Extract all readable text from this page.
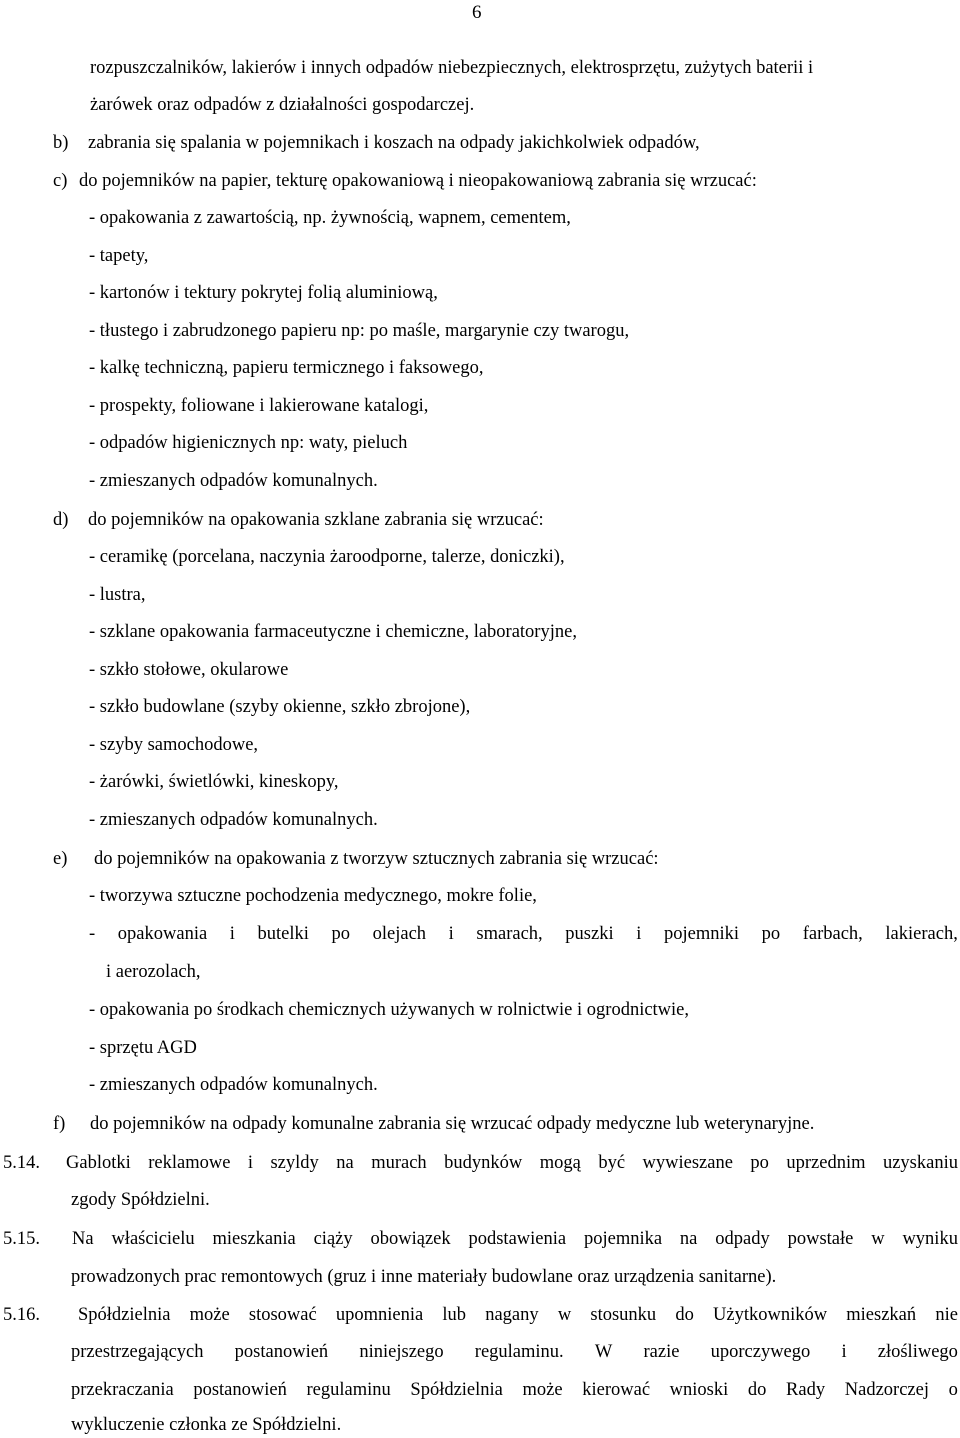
6
rozpuszczalników, lakierów i innych odpadów niebezpiecznych, elektrosprzętu, zużytych baterii i
żarówek oraz odpadów z działalności gospodarczej.
b) zabrania się spalania w pojemnikach i koszach na odpady jakichkolwiek odpadów,
c) do pojemników na papier, tekturę opakowaniową i nieopakowaniową zabrania się wrzucać:
- opakowania z zawartością, np. żywnością, wapnem, cementem,
- tapety,
- kartonów i tektury pokrytej folią aluminiową,
- tłustego i zabrudzonego papieru np: po maśle, margarynie czy twarogu,
- kalkę techniczną, papieru termicznego i faksowego,
- prospekty, foliowane i lakierowane katalogi,
- odpadów higienicznych np: waty, pieluch
- zmieszanych odpadów komunalnych.
d) do pojemników na opakowania szklane zabrania się wrzucać:
- ceramikę (porcelana, naczynia żaroodporne, talerze, doniczki),
- lustra,
- szklane opakowania farmaceutyczne i chemiczne, laboratoryjne,
- szkło stołowe, okularowe
- szkło budowlane (szyby okienne, szkło zbrojone),
- szyby samochodowe,
- żarówki, świetlówki, kineskopy,
- zmieszanych odpadów komunalnych.
e) do pojemników na opakowania z tworzyw sztucznych zabrania się wrzucać:
- tworzywa sztuczne pochodzenia medycznego, mokre folie,
- opakowania i butelki po olejach i smarach, puszki i pojemniki po farbach, lakierach,
i aerozolach,
- opakowania po środkach chemicznych używanych w rolnictwie i ogrodnictwie,
- sprzętu AGD
- zmieszanych odpadów komunalnych.
f) do pojemników na odpady komunalne zabrania się wrzucać odpady medyczne lub weterynaryjne.
5.14. Gablotki reklamowe i szyldy na murach budynków mogą być wywieszane po uprzednim uzyskaniu
zgody Spółdzielni.
5.15. Na właścicielu mieszkania ciąży obowiązek podstawienia pojemnika na odpady powstałe w wyniku
prowadzonych prac remontowych (gruz i inne materiały budowlane oraz urządzenia sanitarne).
5.16. Spółdzielnia może stosować upomnienia lub nagany w stosunku do Użytkowników mieszkań nie
przestrzegających postanowień niniejszego regulaminu. W razie uporczywego i złośliwego
przekraczania postanowień regulaminu Spółdzielnia może kierować wnioski do Rady Nadzorczej o
wykluczenie członka ze Spółdzielni.
